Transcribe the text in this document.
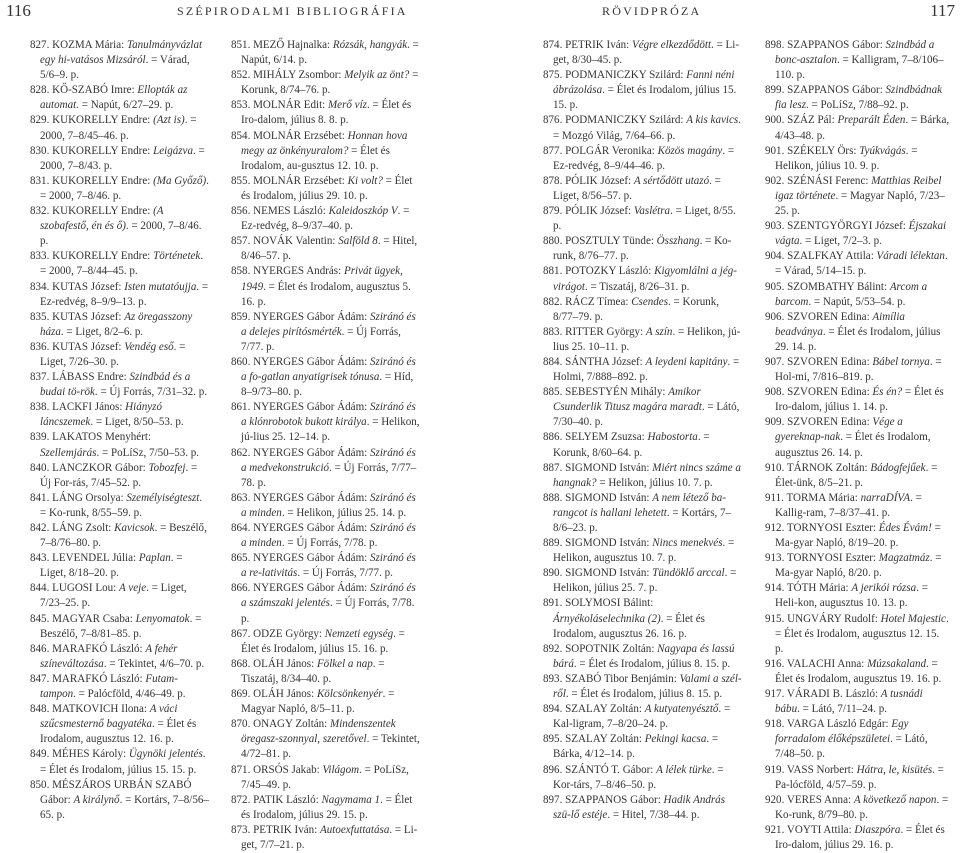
116	SZÉPIRODALMI BIBLIOGRÁFIA	RÖVIDPRÓZA	117

827. KOZMA Mária: Tanulmányvázlat egy hi-vatásos Mizsáról. = Várad, 5/6–9. p.

828. KŐ-SZABÓ Imre: Ellopták az automat. = Napút, 6/27–29. p.

829. KUKORELLY Endre: (Azt is). = 2000, 7–8/45–46. p.

830. KUKORELLY Endre: Leigázva. = 2000, 7–8/43. p.

831. KUKORELLY Endre: (Ma Győző). = 2000, 7–8/46. p.

832. KUKORELLY Endre: (A szobafestő, én és ő). = 2000, 7–8/46. p.

833. KUKORELLY Endre: Történetek. = 2000, 7–8/44–45. p.

834. KUTAS József: Isten mutatóujja. = Ez-redvég, 8–9/9–13. p.

835. KUTAS József: Az öregasszony háza. = Liget, 8/2–6. p.

836. KUTAS József: Vendég eső. = Liget, 7/26–30. p.

837. LÁBASS Endre: Szindbád és a budai tö-rök. = Új Forrás, 7/31–32. p.

838. LACKFI János: Hiányzó láncszemek. = Liget, 8/50–53. p.

839. LAKATOS Menyhért: Szellemjárás. = PoLíSz, 7/50–53. p.

840. LANCZKOR Gábor: Tobozfej. = Új For-rás, 7/45–52. p.

841. LÁNG Orsolya: Személyiségteszt. = Ko-runk, 8/55–59. p.

842. LÁNG Zsolt: Kavicsok. = Beszélő, 7–8/76–80. p.

843. LEVENDEL Júlia: Paplan. = Liget, 8/18–20. p.

844. LUGOSI Lou: A veje. = Liget, 7/23–25. p.

845. MAGYAR Csaba: Lenyomatok. = Beszélő, 7–8/81–85. p.

846. MARAFKÓ László: A fehér színeváltozása. = Tekintet, 4/6–70. p.

847. MARAFKÓ László: Futam-tampon. = Palócföld, 4/46–49. p.

848. MATKOVICH Ilona: A váci szűcsmesternő bagyatéka. = Élet és Irodalom, augusztus 12. 16. p.

849. MÉHES Károly: Ügynöki jelentés. = Élet és Irodalom, július 15. 15. p.

850. MÉSZÁROS URBÁN SZABÓ Gábor: A királynő. = Kortárs, 7–8/56–65. p.

851. MEZŐ Hajnalka: Rózsák, hangyák. = Napút, 6/14. p.

852. MIHÁLY Zsombor: Melyik az önt? = Korunk, 8/74–76. p.

853. MOLNÁR Edit: Merő víz. = Élet és Iro-dalom, július 8. 8. p.

854. MOLNÁR Erzsébet: Honnan hova megy az önkényuralom? = Élet és Irodalom, au-gusztus 12. 10. p.

855. MOLNÁR Erzsébet: Ki volt? = Élet és Irodalom, július 29. 10. p.

856. NEMES László: Kaleidoszkóp V. = Ez-redvég, 8–9/37–40. p.

857. NOVÁK Valentin: Salföld 8. = Hitel, 8/46–57. p.

858. NYERGES András: Privát ügyek, 1949. = Élet és Irodalom, augusztus 5. 16. p.

859. NYERGES Gábor Ádám: Sziránó és a delejes pirítósmérték. = Új Forrás, 7/77. p.

860. NYERGES Gábor Ádám: Sziránó és a fo-gatlan anyatigrisek tónusa. = Híd, 8–9/73–80. p.

861. NYERGES Gábor Ádám: Sziránó és a klónrobotok bukott királya. = Helikon, jú-lius 25. 12–14. p.

862. NYERGES Gábor Ádám: Sziránó és a medvekonstrukció. = Új Forrás, 7/77–78. p.

863. NYERGES Gábor Ádám: Sziránó és a minden. = Helikon, július 25. 14. p.

864. NYERGES Gábor Ádám: Sziránó és a minden. = Új Forrás, 7/78. p.

865. NYERGES Gábor Ádám: Sziránó és a re-lativitás. = Új Forrás, 7/77. p.

866. NYERGES Gábor Ádám: Sziránó és a számszaki jelentés. = Új Forrás, 7/78. p.

867. ODZE György: Nemzeti egység. = Élet és Irodalom, július 15. 16. p.

868. OLÁH János: Fölkel a nap. = Tiszatáj, 8/34–40. p.

869. OLÁH János: Kölcsönkenyér. = Magyar Napló, 8/5–11. p.

870. ONAGY Zoltán: Mindenszentek öregasz-szonnyal, szeretővel. = Tekintet, 4/72–81. p.

871. ORSÓS Jakab: Világom. = PoLíSz, 7/45–49. p.

872. PATIK László: Nagymama 1. = Élet és Irodalom, július 29. 15. p.

873. PETRIK Iván: Autoexfuttatása. = Li-get, 7/7–21. p.

874. PETRIK Iván: Végre elkezdődött. = Li-get, 8/30–45. p.

875. PODMANICZKY Szilárd: Fanni néni ábrázolása. = Élet és Irodalom, július 15. 15. p.

876. PODMANICZKY Szilárd: A kis kavics. = Mozgó Világ, 7/64–66. p.

877. POLGÁR Veronika: Közös magány. = Ez-redvég, 8–9/44–46. p.

878. PÓLIK József: A sértődött utazó. = Liget, 8/56–57. p.

879. PÓLIK József: Vaslétra. = Liget, 8/55. p.

880. POSZTULY Tünde: Összhang. = Ko-runk, 8/76–77. p.

881. POTOZKY László: Kigyomlálni a jég-virágot. = Tiszatáj, 8/26–31. p.

882. RÁCZ Tímea: Csendes. = Korunk, 8/77–79. p.

883. RITTER György: A szín. = Helikon, jú-lius 25. 10–11. p.

884. SÁNTHA József: A leydeni kapitány. = Holmi, 7/888–892. p.

885. SEBESTYÉN Mihály: Amikor Csunderlik Titusz magára maradt. = Látó, 7/30–40. p.

886. SELYEM Zsuzsa: Habostorta. = Korunk, 8/60–64. p.

887. SIGMOND István: Miért nincs száme a hangnak? = Helikon, július 10. 7. p.

888. SIGMOND István: A nem létező ba-rangcot is hallani lehetett. = Kortárs, 7–8/6–23. p.

889. SIGMOND István: Nincs menekvés. = Helikon, augusztus 10. 7. p.

890. SIGMOND István: Tündöklő arccal. = Helikon, július 25. 7. p.

891. SOLYMOSI Bálint: Árnyékoláselechnika (2). = Élet és Irodalom, augusztus 26. 16. p.

892. SOPOTNIK Zoltán: Nagyapa és lassú bárá. = Élet és Irodalom, július 8. 15. p.

893. SZABÓ Tibor Benjámin: Valami a szél-ről. = Élet és Irodalom, július 8. 15. p.

894. SZALAY Zoltán: A kutyatenyésztő. = Kal-ligram, 7–8/20–24. p.

895. SZALAY Zoltán: Pekingi kacsa. = Bárka, 4/12–14. p.

896. SZÁNTÓ T. Gábor: A lélek türke. = Kor-társ, 7–8/46–50. p.

897. SZAPPANOS Gábor: Hadik András szü-lő estéje. = Hitel, 7/38–44. p.

898. SZAPPANOS Gábor: Szindbád a bonc-asztalon. = Kalligram, 7–8/106–110. p.

899. SZAPPANOS Gábor: Szindbádnak fia lesz. = PoLíSz, 7/88–92. p.

900. SZÁZ Pál: Preparált Éden. = Bárka, 4/43–48. p.

901. SZÉKELY Örs: Tyúkvágás. = Helikon, július 10. 9. p.

902. SZÉNÁSI Ferenc: Matthias Reibel igaz története. = Magyar Napló, 7/23–25. p.

903. SZENTGYÖRGYI József: Éjszakai vágta. = Liget, 7/2–3. p.

904. SZALFKAY Attila: Váradi lélektan. = Várad, 5/14–15. p.

905. SZOMBATHY Bálint: Arcom a barcom. = Napút, 5/53–54. p.

906. SZVOREN Edina: Aimília beadványa. = Élet és Irodalom, július 29. 14. p.

907. SZVOREN Edina: Bábel tornya. = Hol-mi, 7/816–819. p.

908. SZVOREN Edina: És én? = Élet és Iro-dalom, július 1. 14. p.

909. SZVOREN Edina: Vége a gyereknap-nak. = Élet és Irodalom, augusztus 26. 14. p.

910. TÁRNOK Zoltán: Bádogfejűek. = Élet-ünk, 8/5–21. p.

911. TORMA Mária: narraDÍVA. = Kallig-ram, 7–8/37–41. p.

912. TORNYOSI Eszter: Édes Évám! = Ma-gyar Napló, 8/19–20. p.

913. TORNYOSI Eszter: Magzatmáz. = Ma-gyar Napló, 8/20. p.

914. TÓTH Mária: A jerikói rózsa. = Heli-kon, augusztus 10. 13. p.

915. UNGVÁRY Rudolf: Hotel Majestic. = Élet és Irodalom, augusztus 12. 15. p.

916. VALACHI Anna: Múzsakaland. = Élet és Irodalom, augusztus 19. 16. p.

917. VÁRADI B. László: A tusnádi bábu. = Látó, 7/11–24. p.

918. VARGA László Edgár: Egy forradalom élőképszületei. = Látó, 7/48–50. p.

919. VASS Norbert: Hátra, le, kisütés. = Pa-lócföld, 4/57–59. p.

920. VERES Anna: A következő napon. = Ko-runk, 8/79–80. p.

921. VOYTI Attila: Diaszpóra. = Élet és Iro-dalom, július 29. 16. p.
